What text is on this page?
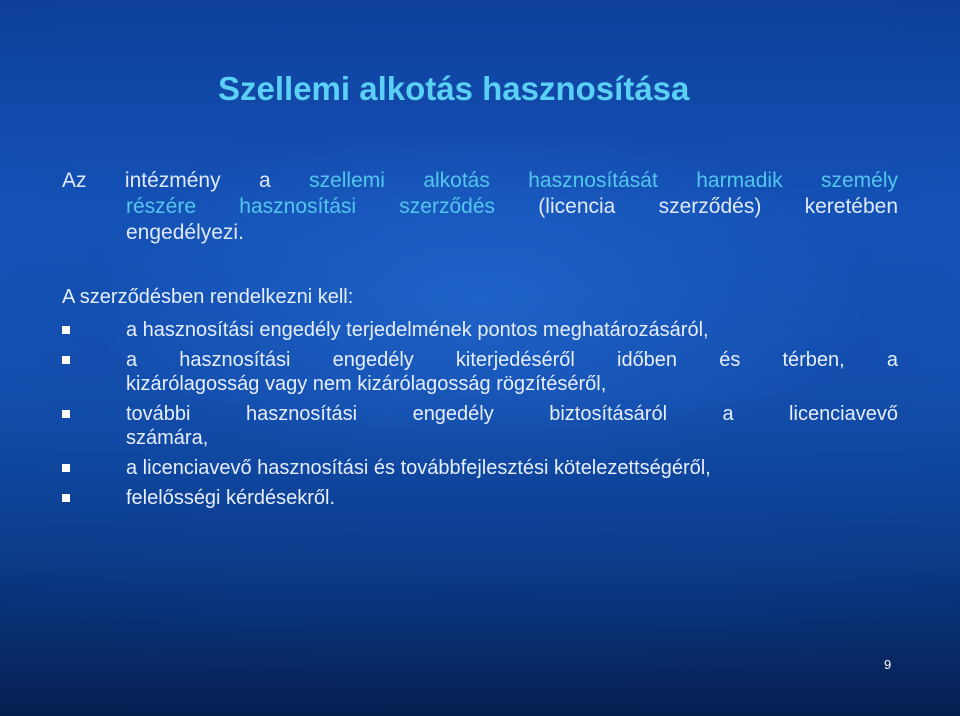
Szellemi alkotás hasznosítása

Az intézmény a szellemi alkotás hasznosítását harmadik személy
részére hasznosítási szerződés (licencia szerződés) keretében
engedélyezi.

A szerződésben rendelkezni kell:

a hasznosítási engedély terjedelmének pontos meghatározásáról,
a hasznosítási engedély kiterjedéséről időben és térben, a
kizárólagosság vagy nem kizárólagosság rögzítéséről,
további hasznosítási engedély biztosításáról a licenciavevő
számára,
a licenciavevő hasznosítási és továbbfejlesztési kötelezettségéről,
felelősségi kérdésekről.
9
